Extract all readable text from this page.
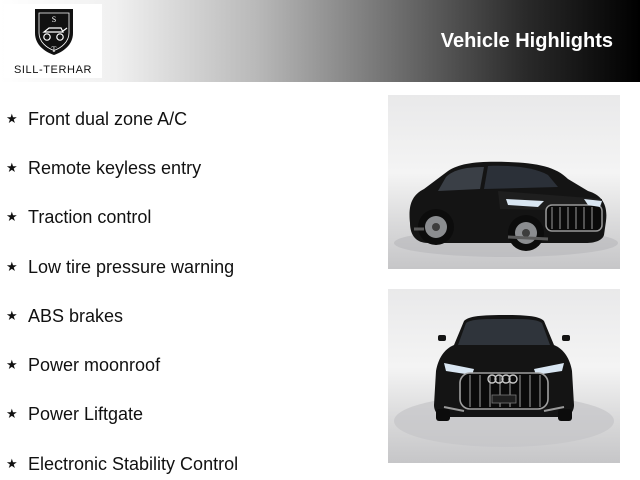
S
T
SILL-TERHAR
Vehicle Highlights
★ Front dual zone A/C
★ Remote keyless entry
★ Traction control
★ Low tire pressure warning
★ ABS brakes
★ Power moonroof
★ Power Liftgate
★ Electronic Stability Control
